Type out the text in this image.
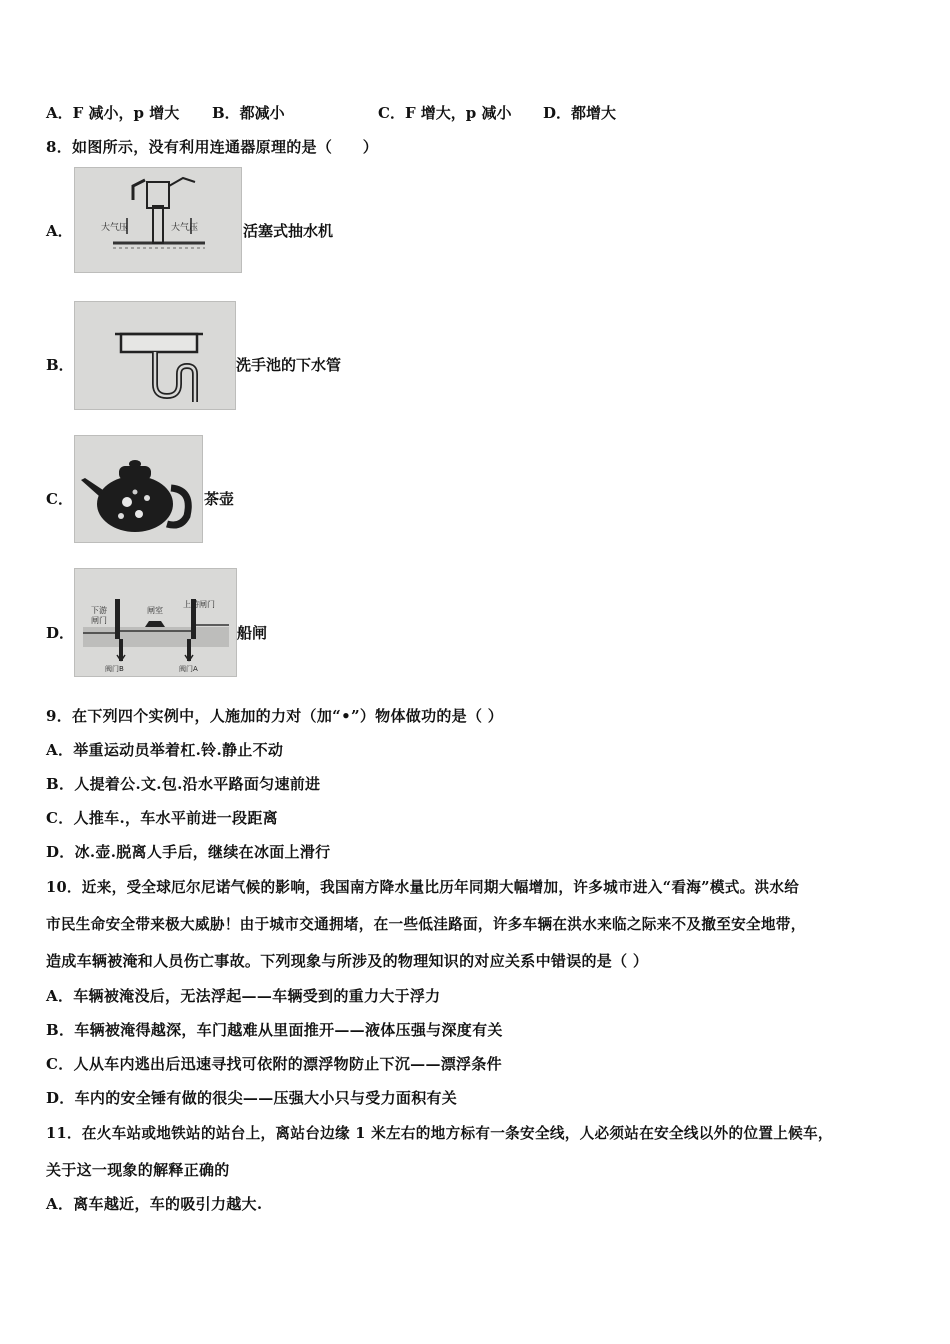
A．F 减小，p 增大 B．都减小	C．F 增大，p 减小 D．都增大
8．如图所示，没有利用连通器原理的是（　　）
A．	大气压	大气压	活塞式抽水机
B．	洗手池的下水管
C．	茶壶
D．
下游
闸门
闸室
上游闸门
阀门B	阀门A
船闸
9．在下列四个实例中，人施加的力对（加“•”）物体做功的是（ ）
A．举重运动员举着杠.铃.静止不动
B．人提着公.文.包.沿水平路面匀速前进
C．人推车.，车水平前进一段距离
D．冰.壶.脱离人手后，继续在冰面上滑行
10．近来，受全球厄尔尼诺气候的影响，我国南方降水量比历年同期大幅增加，许多城市进入“看海”模式。洪水给
市民生命安全带来极大威胁！由于城市交通拥堵，在一些低洼路面，许多车辆在洪水来临之际来不及撤至安全地带，
造成车辆被淹和人员伤亡事故。下列现象与所涉及的物理知识的对应关系中错误的是（ ）
A．车辆被淹没后，无法浮起——车辆受到的重力大于浮力
B．车辆被淹得越深，车门越难从里面推开——液体压强与深度有关
C．人从车内逃出后迅速寻找可依附的漂浮物防止下沉——漂浮条件
D．车内的安全锤有做的很尖——压强大小只与受力面积有关
11．在火车站或地铁站的站台上，离站台边缘 1 米左右的地方标有一条安全线，人必须站在安全线以外的位置上候车，
关于这一现象的解释正确的
A．离车越近，车的吸引力越大.
